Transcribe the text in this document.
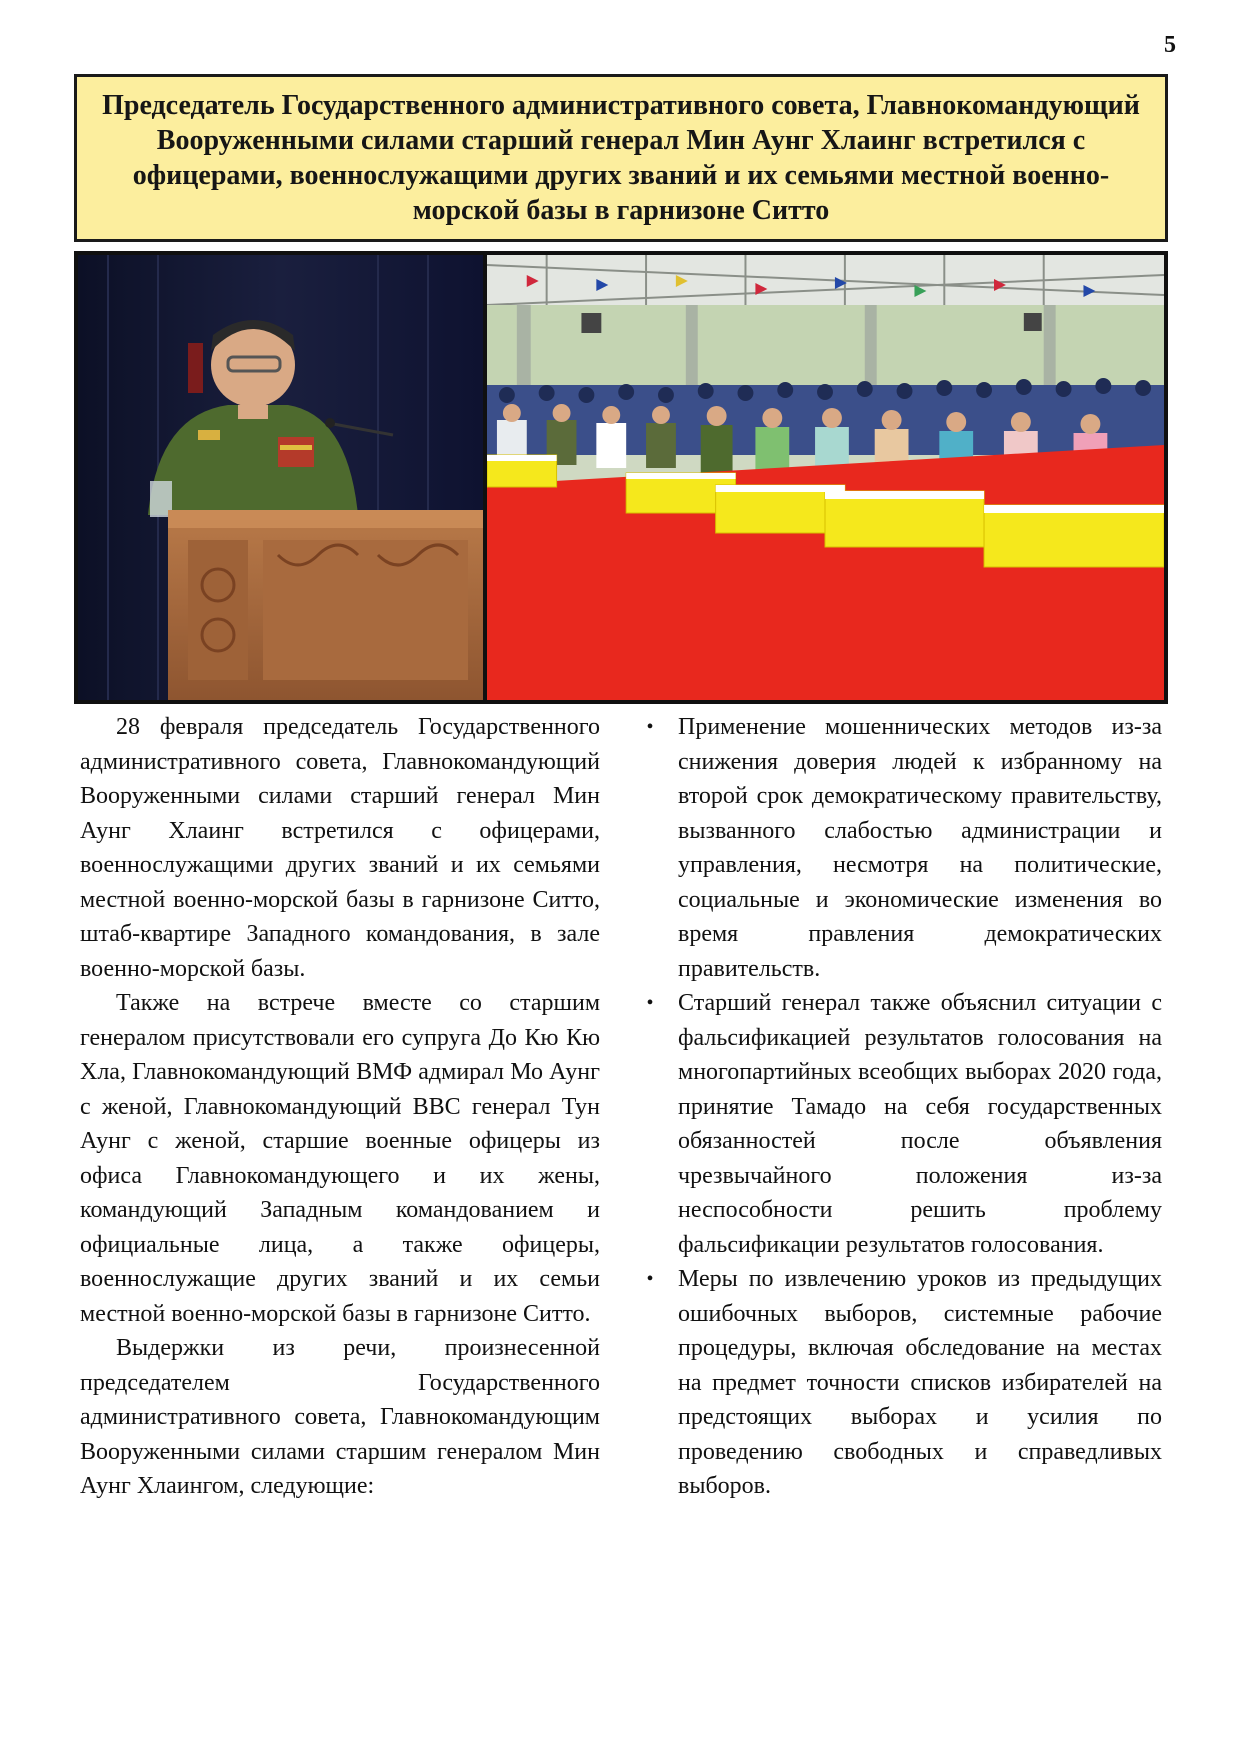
5
Председатель Государственного административного совета, Главнокомандующий Вооруженными силами старший генерал Мин Аунг Хлаинг встретился с офицерами, военнослужащими других званий и их семьями местной военно-морской базы в гарнизоне Ситто

28 февраля председатель Государственного административного совета, Главнокомандующий Вооруженными силами старший генерал Мин Аунг Хлаинг встретился с офицерами, военнослужащими других званий и их семьями местной военно-морской базы в гарнизоне Ситто, штаб-квартире Западного командования, в зале военно-морской базы.

Также на встрече вместе со старшим генералом присутствовали его супруга До Кю Кю Хла, Главнокомандующий ВМФ адмирал Мо Аунг с женой, Главнокомандующий ВВС генерал Тун Аунг с женой, старшие военные офицеры из офиса Главнокомандующего и их жены, командующий Западным командованием и официальные лица, а также офицеры, военнослужащие других званий и их семьи местной военно-морской базы в гарнизоне Ситто.

Выдержки из речи, произнесенной председателем Государственного административного совета, Главнокомандующим Вооруженными силами старшим генералом Мин Аунг Хлаингом, следующие:

• Применение мошеннических методов из-за снижения доверия людей к избранному на второй срок демократическому правительству, вызванного слабостью администрации и управления, несмотря на политические, социальные и экономические изменения во время правления демократических правительств.
• Старший генерал также объяснил ситуации с фальсификацией результатов голосования на многопартийных всеобщих выборах 2020 года, принятие Тамадо на себя государственных обязанностей после объявления чрезвычайного положения из-за неспособности решить проблему фальсификации результатов голосования.
• Меры по извлечению уроков из предыдущих ошибочных выборов, системные рабочие процедуры, включая обследование на местах на предмет точности списков избирателей на предстоящих выборах и усилия по проведению свободных и справедливых выборов.
